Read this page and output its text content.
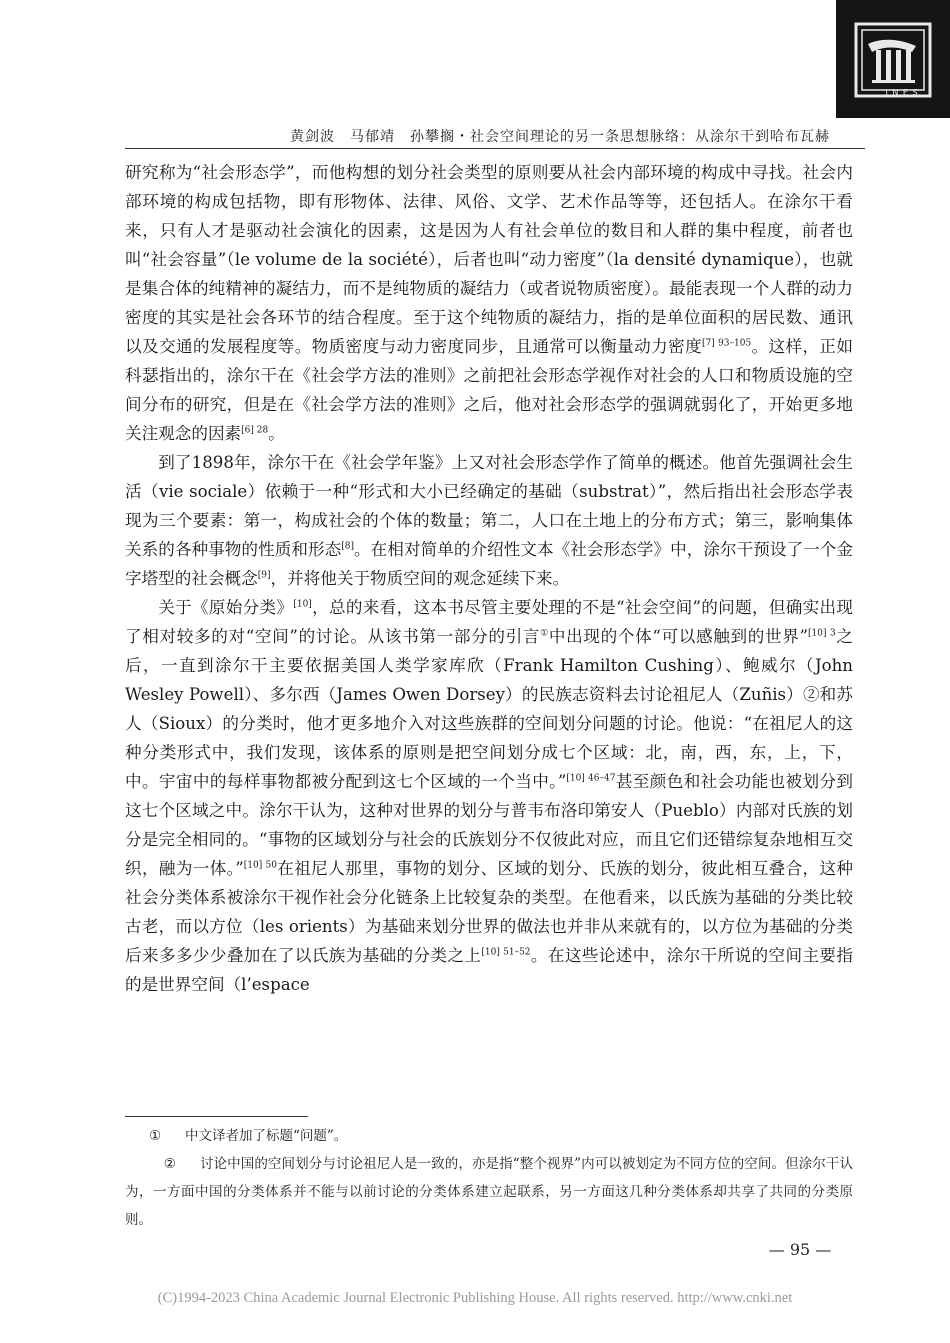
J N E S
黄剑波　马郁靖　孙攀搁・社会空间理论的另一条思想脉络：从涂尔干到哈布瓦赫

研究称为“社会形态学”，而他构想的划分社会类型的原则要从社会内部环境的构成中寻找。社会内部环境的构成包括物，即有形物体、法律、风俗、文学、艺术作品等等，还包括人。在涂尔干看来，只有人才是驱动社会演化的因素，这是因为人有社会单位的数目和人群的集中程度，前者也叫“社会容量”（le volume de la société），后者也叫“动力密度”（la densité dynamique），也就是集合体的纯精神的凝结力，而不是纯物质的凝结力（或者说物质密度）。最能表现一个人群的动力密度的其实是社会各环节的结合程度。至于这个纯物质的凝结力，指的是单位面积的居民数、通讯以及交通的发展程度等。物质密度与动力密度同步，且通常可以衡量动力密度$^{[7] 93-105}$。这样，正如科瑟指出的，涂尔干在《社会学方法的准则》之前把社会形态学视作对社会的人口和物质设施的空间分布的研究，但是在《社会学方法的准则》之后，他对社会形态学的强调就弱化了，开始更多地关注观念的因素$^{[6] 28}$。

到了1898年，涂尔干在《社会学年鉴》上又对社会形态学作了简单的概述。他首先强调社会生活（vie sociale）依赖于一种“形式和大小已经确定的基础（substrat）”，然后指出社会形态学表现为三个要素：第一，构成社会的个体的数量；第二，人口在土地上的分布方式；第三，影响集体关系的各种事物的性质和形态[8]。在相对简单的介绍性文本《社会形态学》中，涂尔干预设了一个金字塔型的社会概念[9]，并将他关于物质空间的观念延续下来。

关于《原始分类》[10]，总的来看，这本书尽管主要处理的不是“社会空间”的问题，但确实出现了相对较多的对“空间”的讨论。从该书第一部分的引言①中出现的个体“可以感触到的世界”$^{[10] 3}$之后，一直到涂尔干主要依据美国人类学家库欣（Frank Hamilton Cushing）、鲍威尔（John Wesley Powell）、多尔西（James Owen Dorsey）的民族志资料去讨论祖尼人（Zuñis）②和苏人（Sioux）的分类时，他才更多地介入对这些族群的空间划分问题的讨论。他说：“在祖尼人的这种分类形式中，我们发现，该体系的原则是把空间划分成七个区域：北，南，西，东，上，下，中。宇宙中的每样事物都被分配到这七个区域的一个当中。”$^{[10] 46-47}$甚至颜色和社会功能也被划分到这七个区域之中。涂尔干认为，这种对世界的划分与普韦布洛印第安人（Pueblo）内部对氏族的划分是完全相同的。“事物的区域划分与社会的氏族划分不仅彼此对应，而且它们还错综复杂地相互交织，融为一体。”$^{[10] 50}$在祖尼人那里，事物的划分、区域的划分、氏族的划分，彼此相互叠合，这种社会分类体系被涂尔干视作社会分化链条上比较复杂的类型。在他看来，以氏族为基础的分类比较古老，而以方位（les orients）为基础来划分世界的做法也并非从来就有的，以方位为基础的分类后来多多少少叠加在了以氏族为基础的分类之上$^{[10] 51-52}$。在这些论述中，涂尔干所说的空间主要指的是世界空间（l’espace

① 中文译者加了标题“问题”。

② 讨论中国的空间划分与讨论祖尼人是一致的，亦是指“整个视界”内可以被划定为不同方位的空间。但涂尔干认为，一方面中国的分类体系并不能与以前讨论的分类体系建立起联系，另一方面这几种分类体系却共享了共同的分类原则。

— 95 —
(C)1994-2023 China Academic Journal Electronic Publishing House. All rights reserved. http://www.cnki.net
